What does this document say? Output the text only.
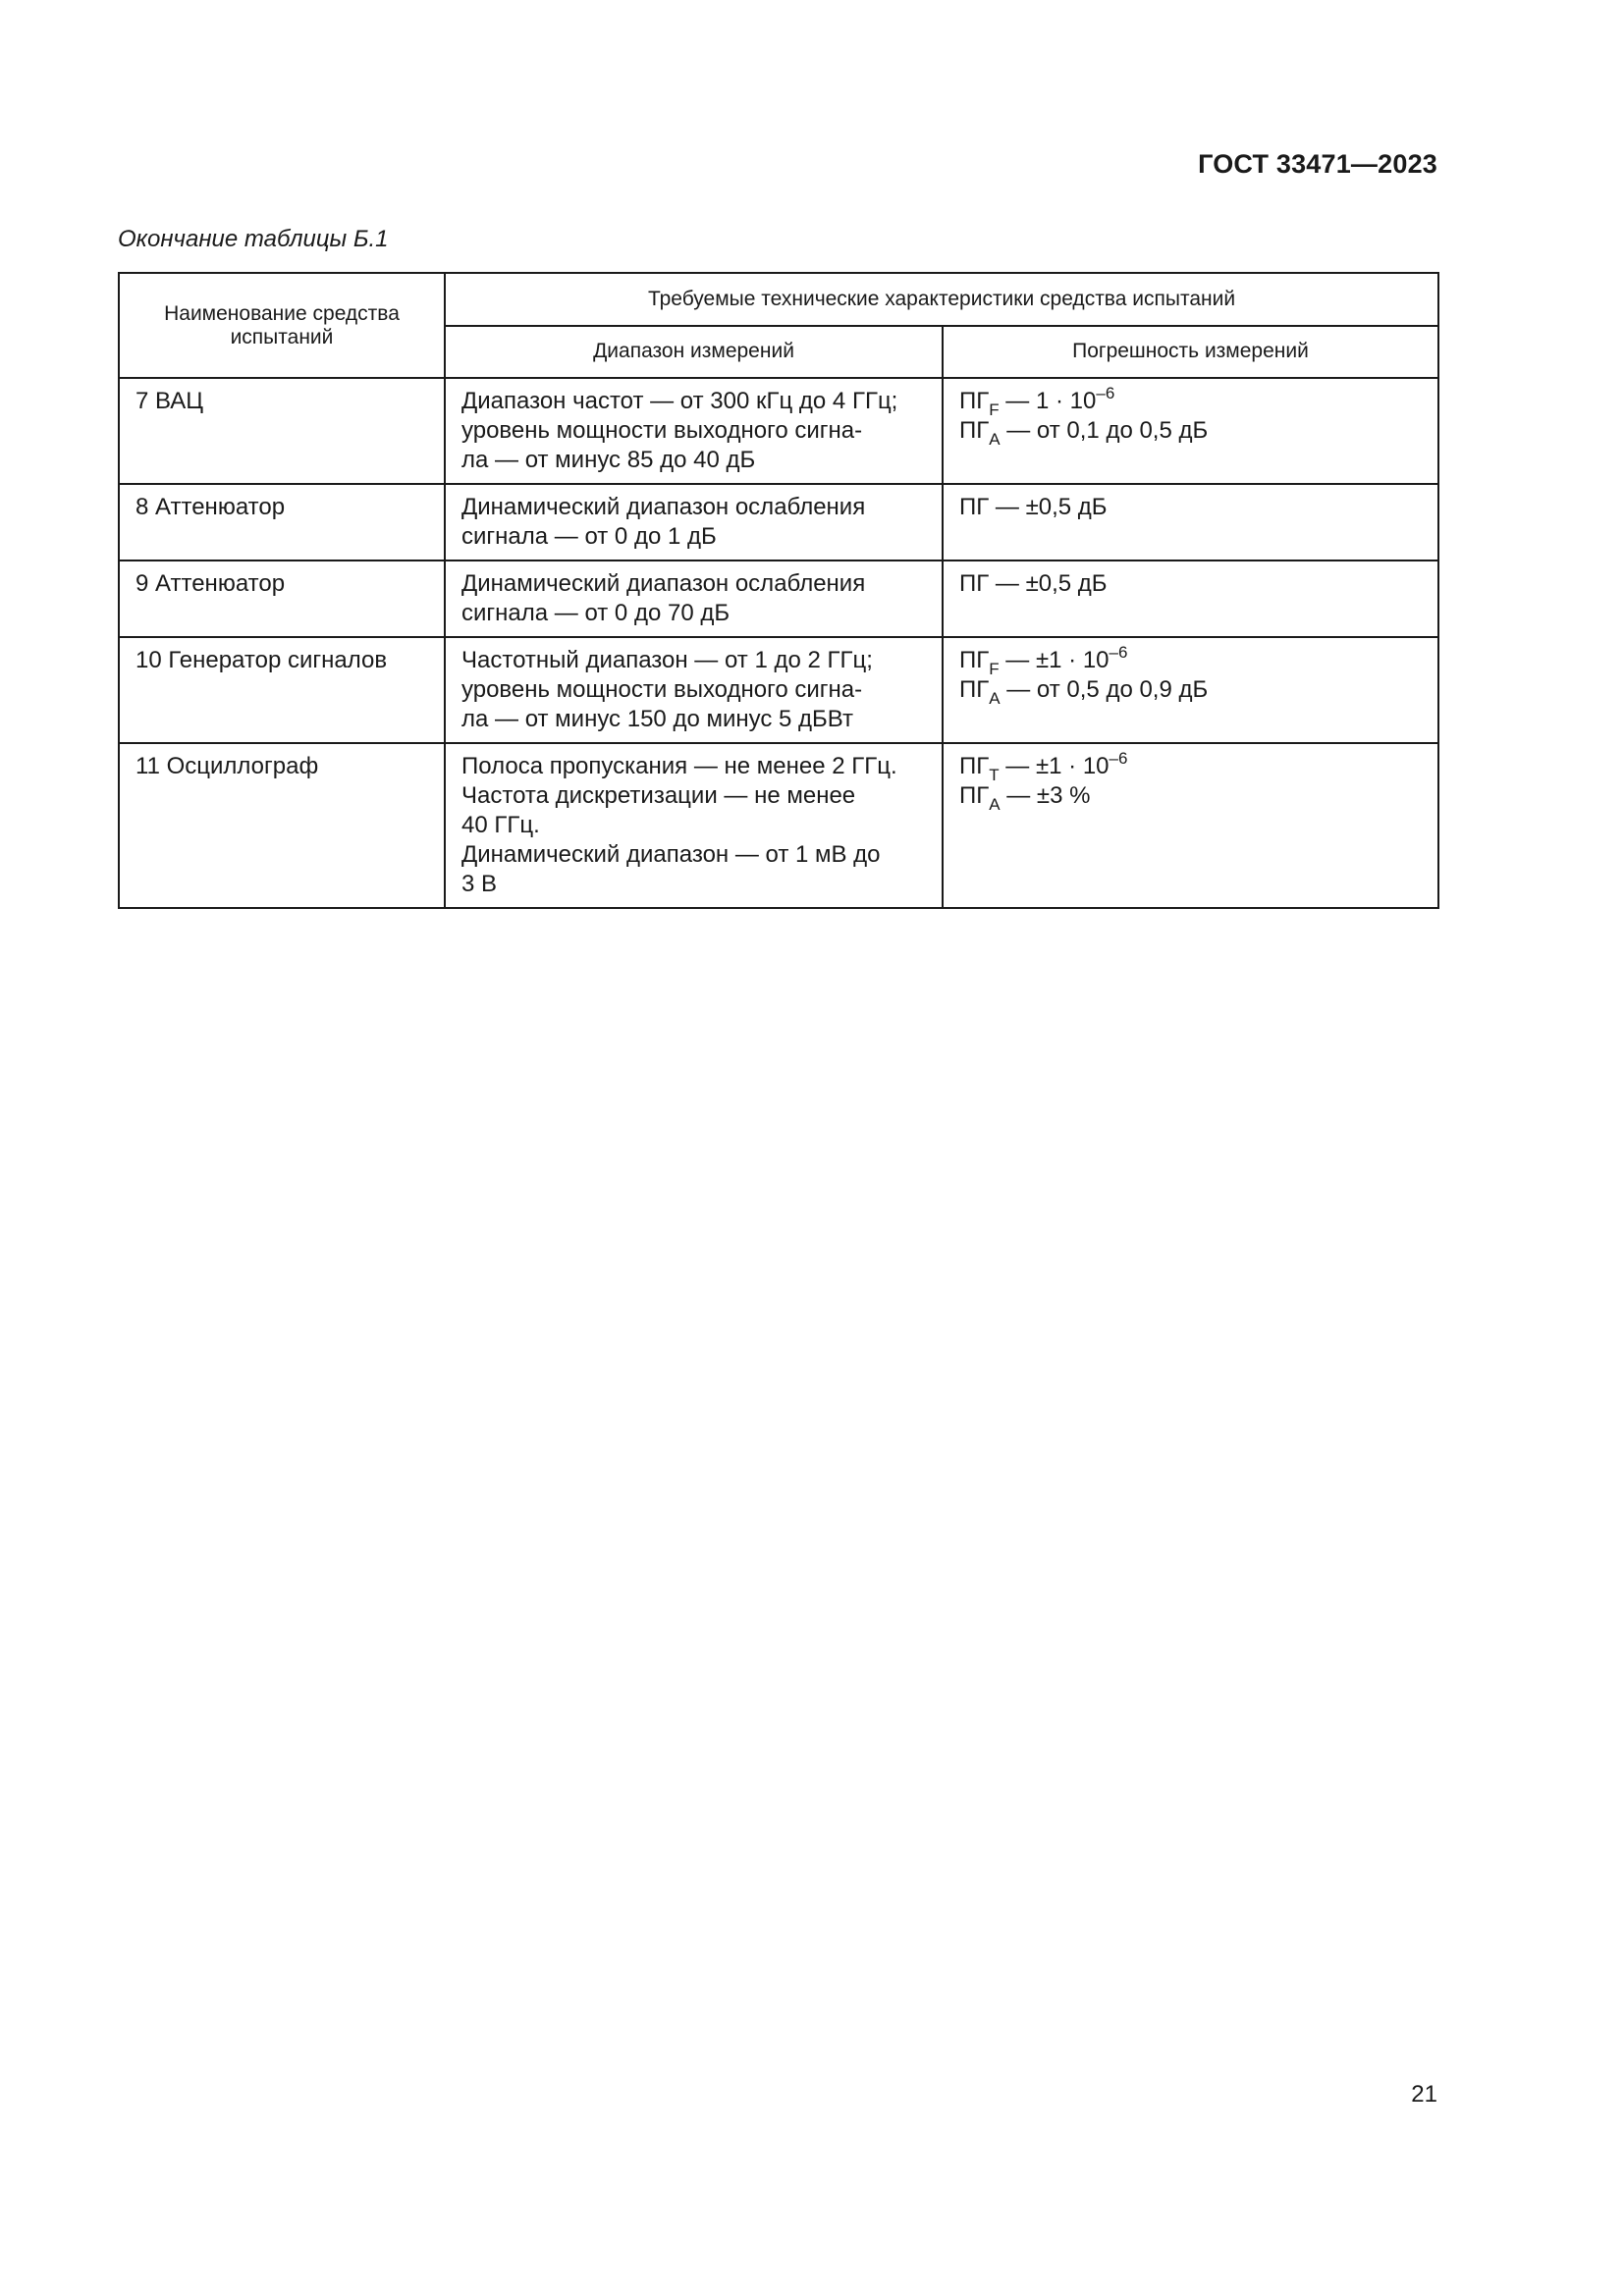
ГОСТ 33471—2023
Окончание таблицы Б.1
Наименование средства испытаний	Требуемые технические характеристики средства испытаний	
	Диапазон измерений	Погрешность измерений
7 ВАЦ	Диапазон частот — от 300 кГц до 4 ГГц;
уровень мощности выходного сигна-
ла — от минус 85 до 40 дБ	$ПГ_F$ — $1 \cdot 10^{-6}$
$ПГ_A$ — от 0,1 до 0,5 дБ

8 Аттенюатор	Динамический диапазон ослабления
сигнала — от 0 до 1 дБ	ПГ — ±0,5 дБ

9 Аттенюатор	Динамический диапазон ослабления
сигнала — от 0 до 70 дБ	ПГ — ±0,5 дБ

10 Генератор сигналов	Частотный диапазон — от 1 до 2 ГГц;
уровень мощности выходного сигна-
ла — от минус 150 до минус 5 дБВт	$ПГ_F$ — $\pm 1 \cdot 10^{-6}$
$ПГ_A$ — от 0,5 до 0,9 дБ

11 Осциллограф	Полоса пропускания — не менее 2 ГГц.
Частота дискретизации — не менее
40 ГГц.
Динамический диапазон — от 1 мВ до
3 В	$ПГ_T$ — $\pm 1 \cdot 10^{-6}$
$ПГ_A$ — ±3 %
21
